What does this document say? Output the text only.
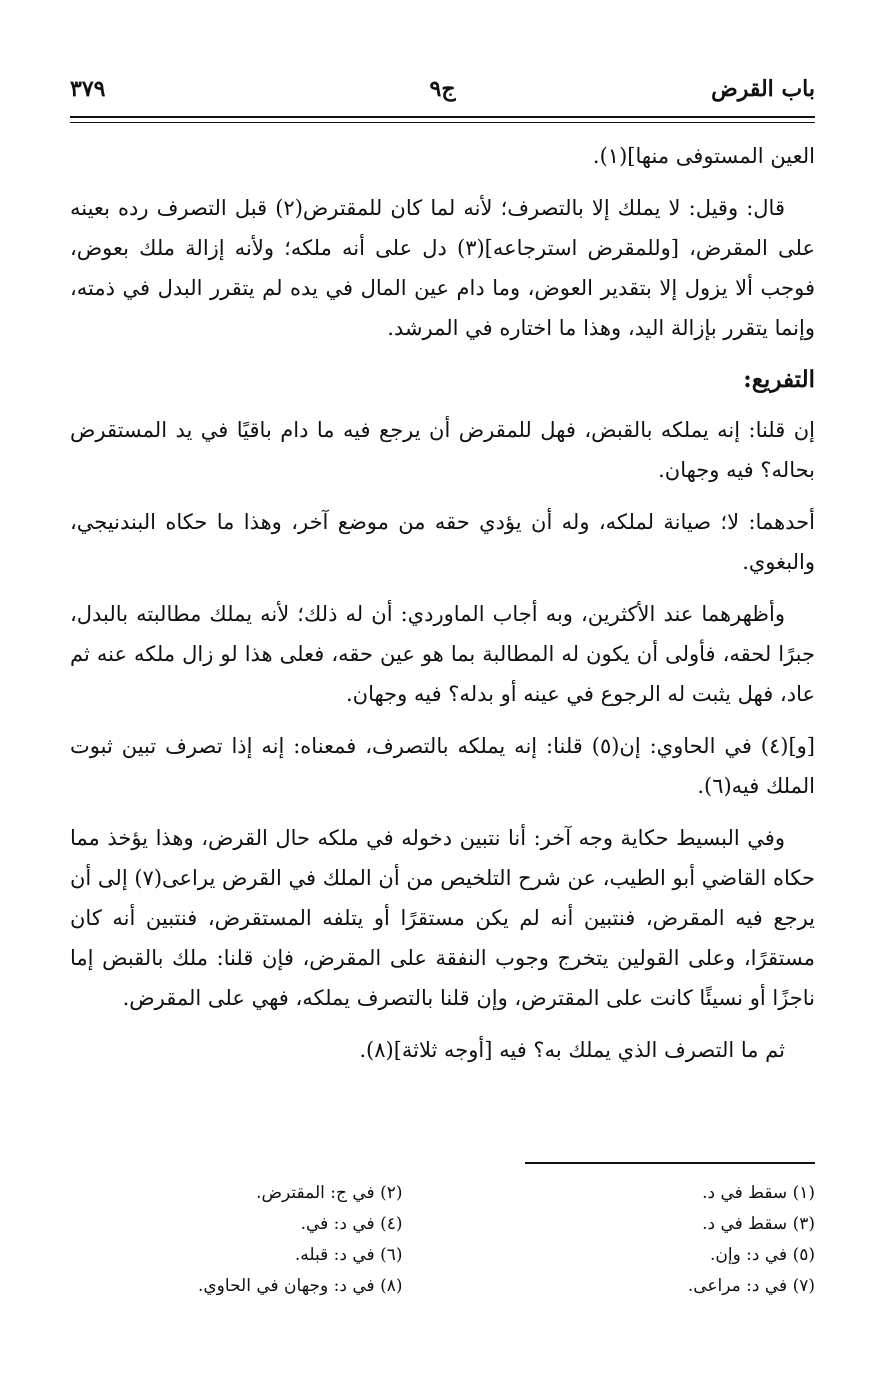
باب القرض
ج٩
٣٧٩

العين المستوفى منها](١).

قال: وقيل: لا يملك إلا بالتصرف؛ لأنه لما كان للمقترض(٢) قبل التصرف رده بعينه على المقرض، [وللمقرض استرجاعه](٣) دل على أنه ملكه؛ ولأنه إزالة ملك بعوض، فوجب ألا يزول إلا بتقدير العوض، وما دام عين المال في يده لم يتقرر البدل في ذمته، وإنما يتقرر بإزالة اليد، وهذا ما اختاره في المرشد.

التفريع:

إن قلنا: إنه يملكه بالقبض، فهل للمقرض أن يرجع فيه ما دام باقيًا في يد المستقرض بحاله؟ فيه وجهان.

أحدهما: لا؛ صيانة لملكه، وله أن يؤدي حقه من موضع آخر، وهذا ما حكاه البندنيجي، والبغوي.

وأظهرهما عند الأكثرين، وبه أجاب الماوردي: أن له ذلك؛ لأنه يملك مطالبته بالبدل، جبرًا لحقه، فأولى أن يكون له المطالبة بما هو عين حقه، فعلى هذا لو زال ملكه عنه ثم عاد، فهل يثبت له الرجوع في عينه أو بدله؟ فيه وجهان.

[و](٤) في الحاوي: إن(٥) قلنا: إنه يملكه بالتصرف، فمعناه: إنه إذا تصرف تبين ثبوت الملك فيه(٦).

وفي البسيط حكاية وجه آخر: أنا نتبين دخوله في ملكه حال القرض، وهذا يؤخذ مما حكاه القاضي أبو الطيب، عن شرح التلخيص من أن الملك في القرض يراعى(٧) إلى أن يرجع فيه المقرض، فنتبين أنه لم يكن مستقرًا أو يتلفه المستقرض، فنتبين أنه كان مستقرًا، وعلى القولين يتخرج وجوب النفقة على المقرض، فإن قلنا: ملك بالقبض إما ناجزًا أو نسيئًا كانت على المقترض، وإن قلنا بالتصرف يملكه، فهي على المقرض.

ثم ما التصرف الذي يملك به؟ فيه [أوجه ثلاثة](٨).

(١) سقط في د.
(٢) في ج: المقترض.
(٣) سقط في د.
(٤) في د: في.
(٥) في د: وإن.
(٦) في د: قبله.
(٧) في د: مراعى.
(٨) في د: وجهان في الحاوي.
